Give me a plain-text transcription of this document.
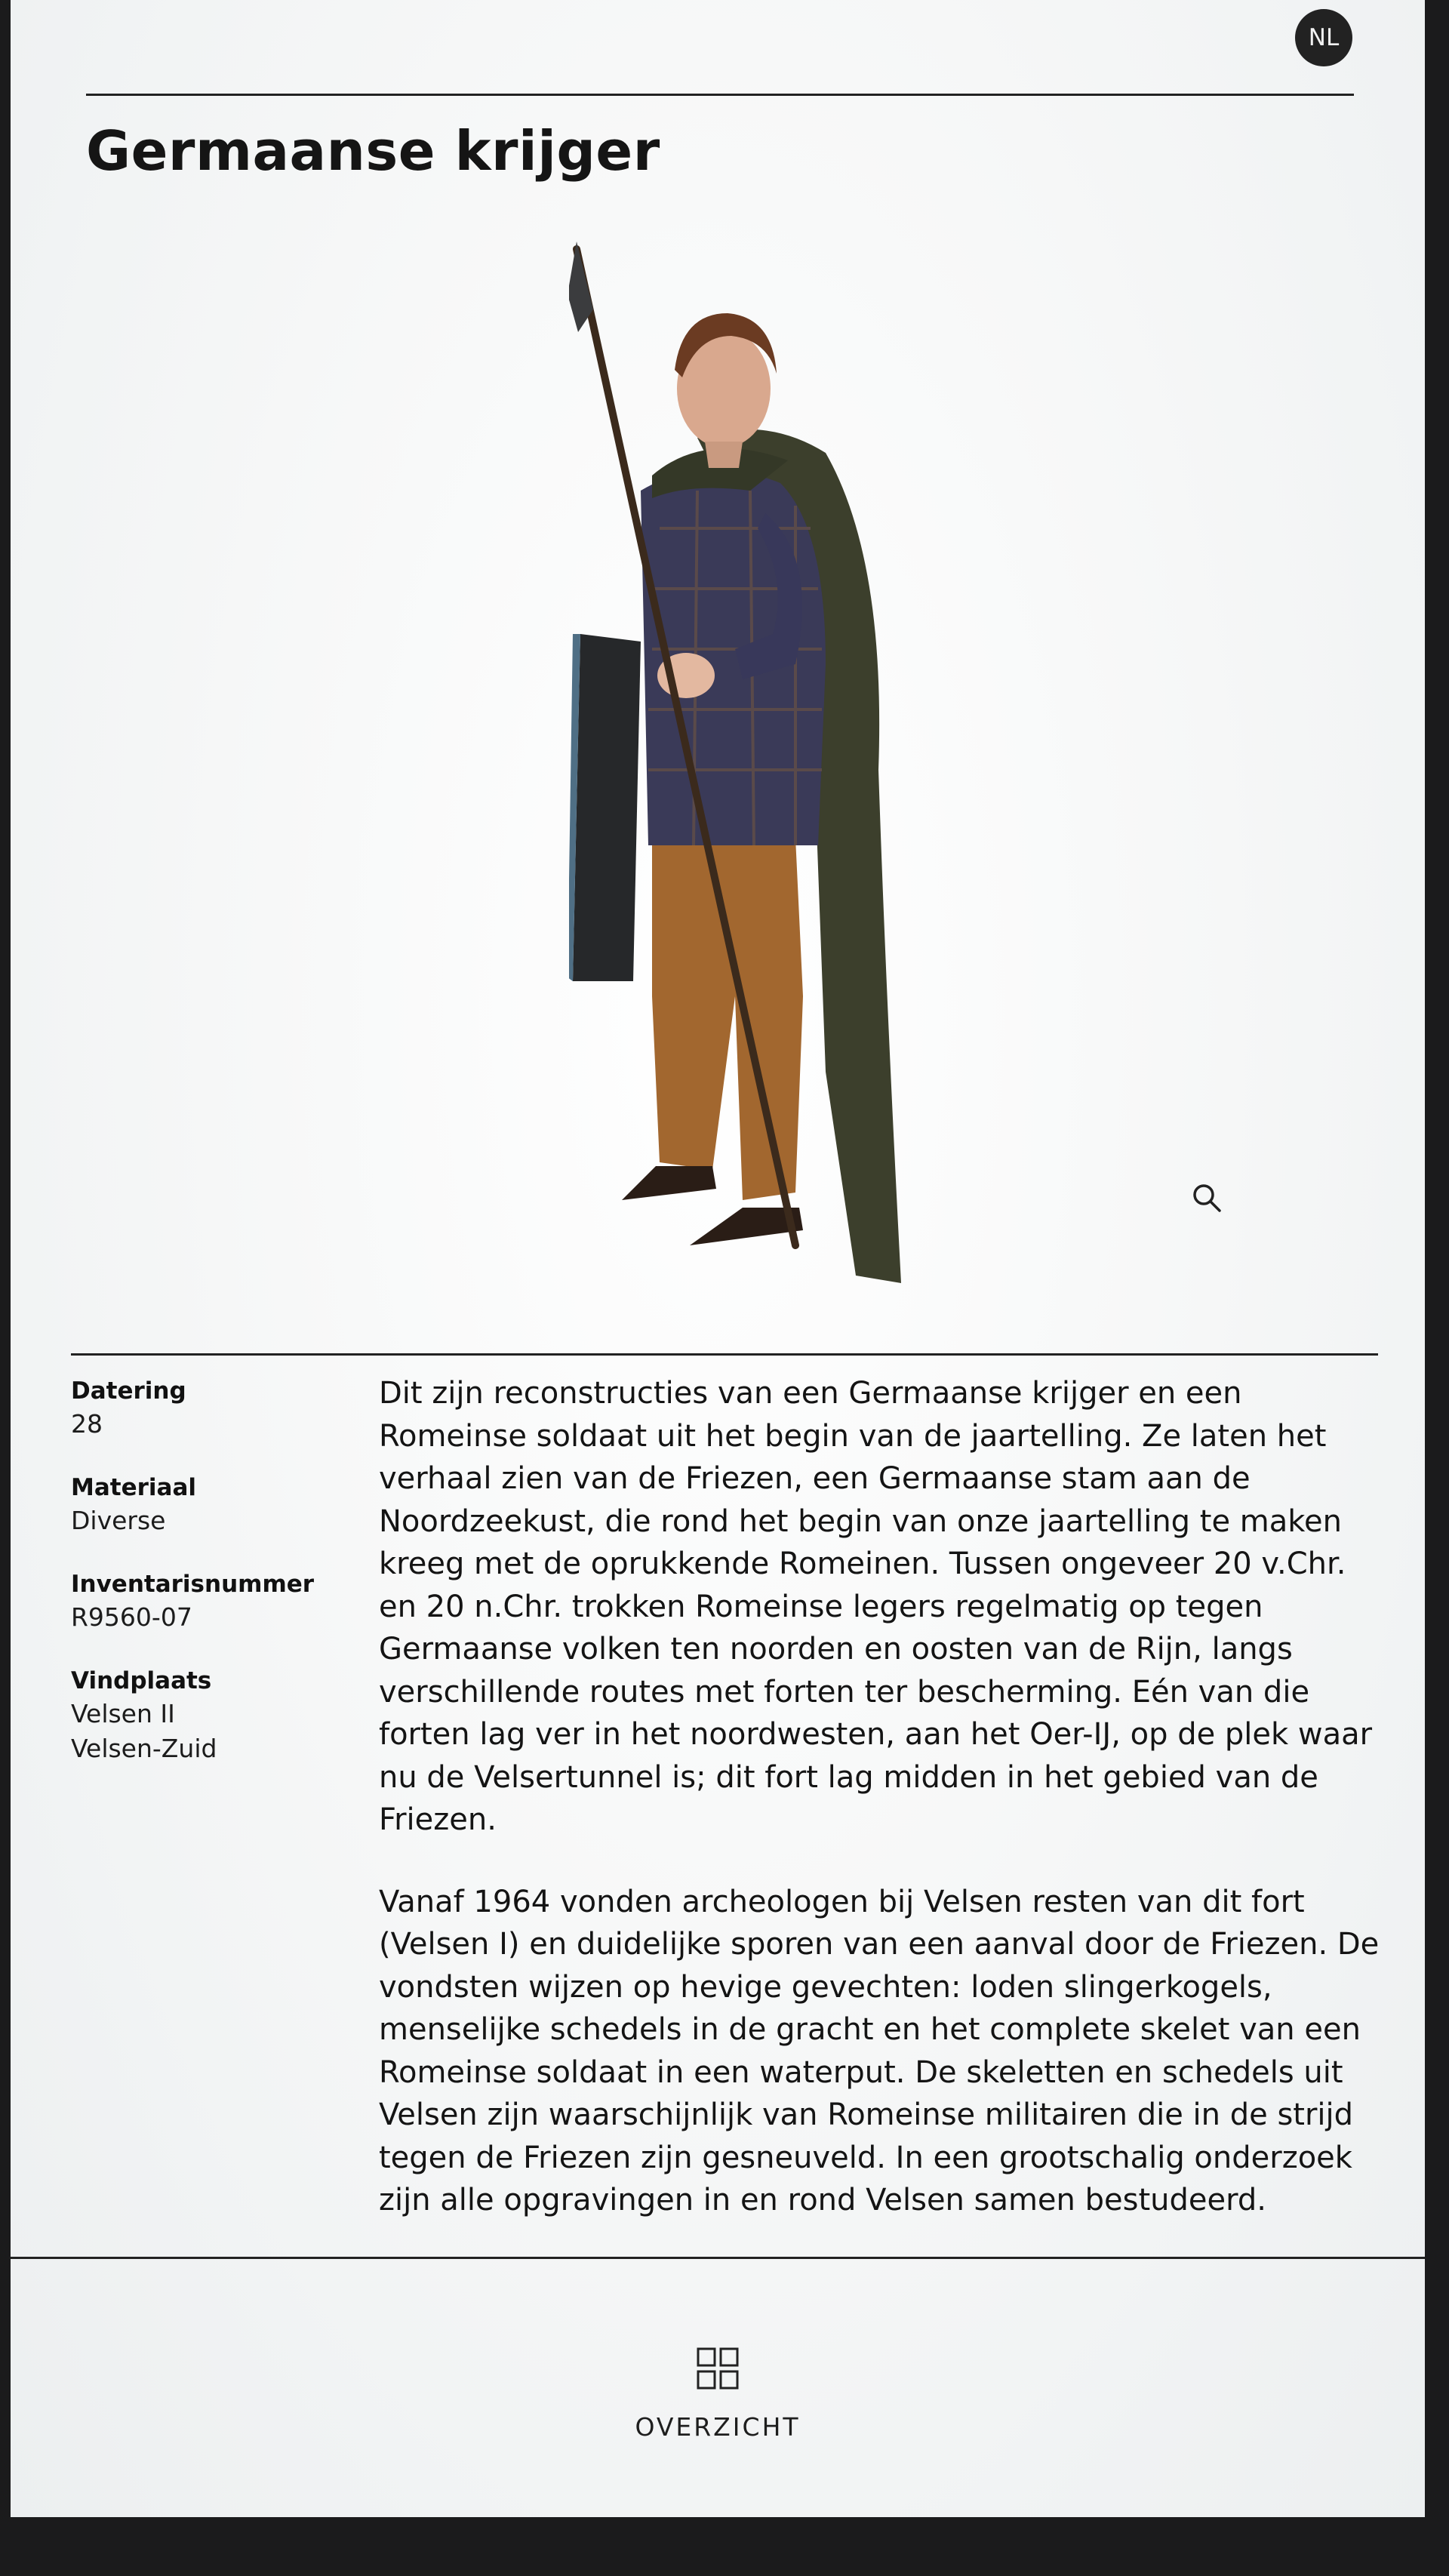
NL
Germaanse krijger
Datering
28
Materiaal
Diverse
Inventarisnummer
R9560-07
Vindplaats
Velsen II
Velsen-Zuid

Dit zijn reconstructies van een Germaanse krijger en een Romeinse soldaat uit het begin van de jaartelling. Ze laten het verhaal zien van de Friezen, een Germaanse stam aan de Noordzeekust, die rond het begin van onze jaartelling te maken kreeg met de oprukkende Romeinen. Tussen ongeveer 20 v.Chr. en 20 n.Chr. trokken Romeinse legers regelmatig op tegen Germaanse volken ten noorden en oosten van de Rijn, langs verschillende routes met forten ter bescherming. Eén van die forten lag ver in het noordwesten, aan het Oer-IJ, op de plek waar nu de Velsertunnel is; dit fort lag midden in het gebied van de Friezen.

Vanaf 1964 vonden archeologen bij Velsen resten van dit fort (Velsen I) en duidelijke sporen van een aanval door de Friezen. De vondsten wijzen op hevige gevechten: loden slingerkogels, menselijke schedels in de gracht en het complete skelet van een Romeinse soldaat in een waterput. De skeletten en schedels uit Velsen zijn waarschijnlijk van Romeinse militairen die in de strijd tegen de Friezen zijn gesneuveld. In een grootschalig onderzoek zijn alle opgravingen in en rond Velsen samen bestudeerd.

OVERZICHT
